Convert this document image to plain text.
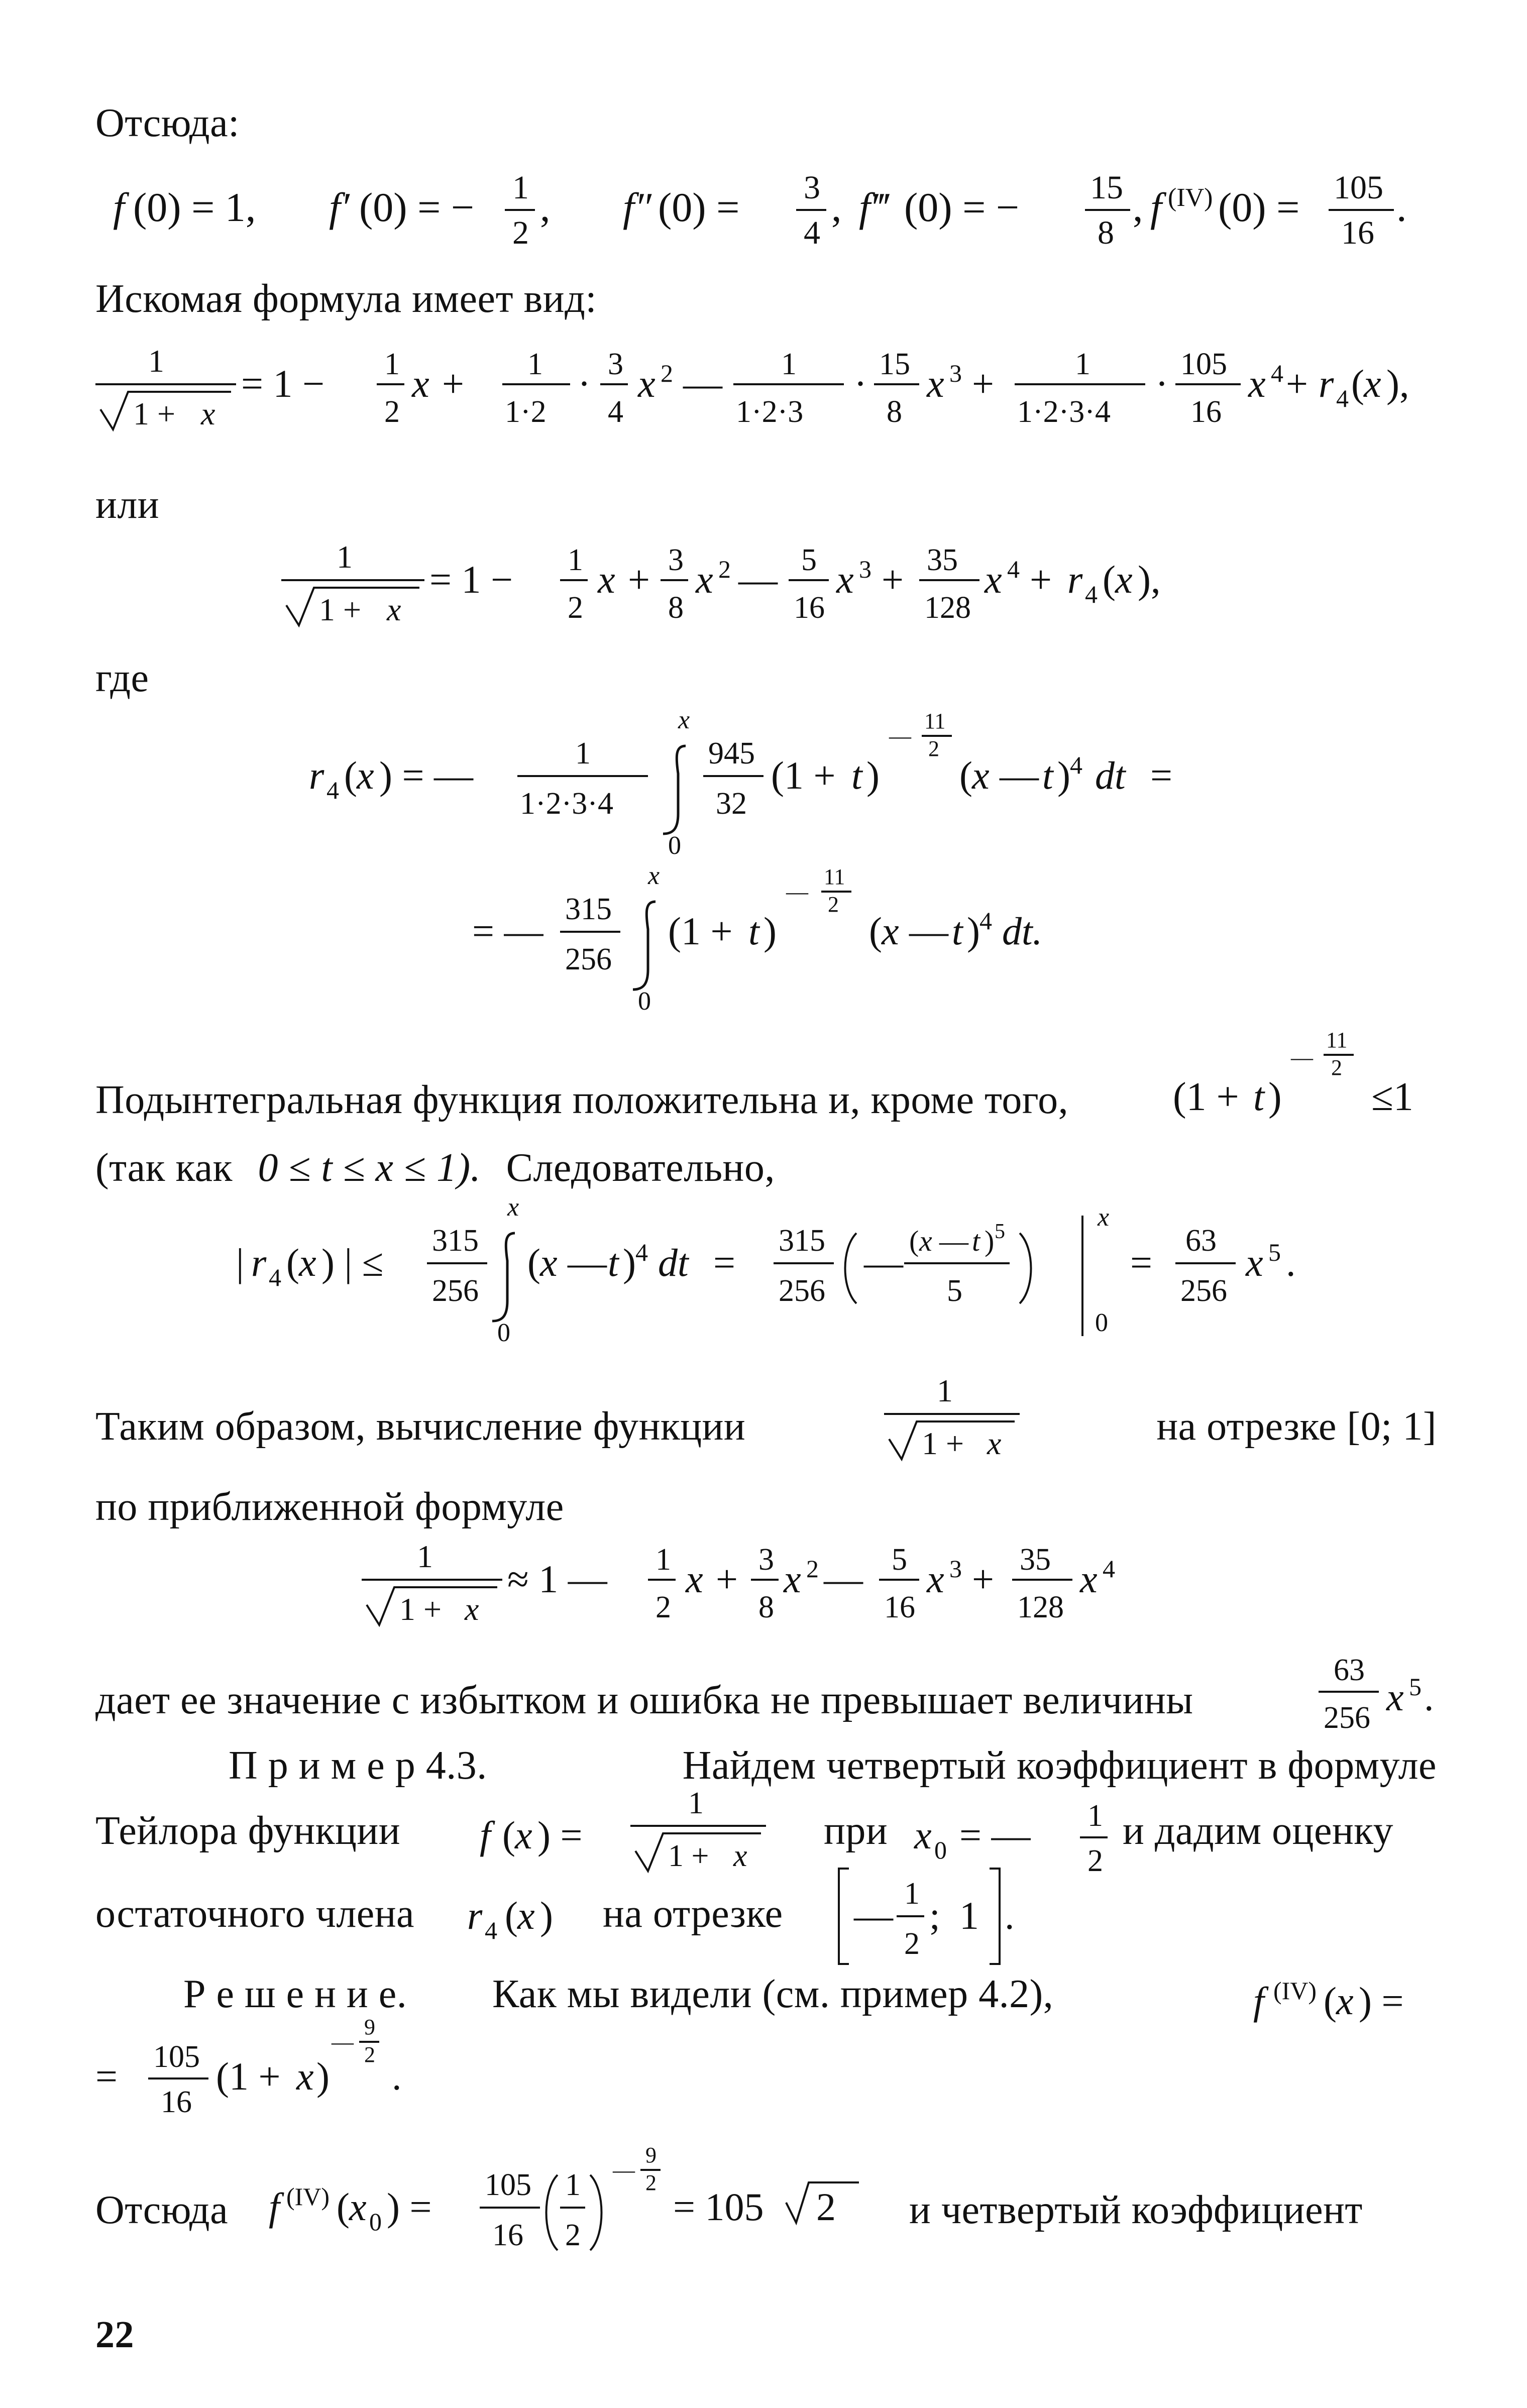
Отсюда:
f (0) = 1, f′ (0) = − 1
2
, f″ (0) = 3
4
, f‴ (0) = − 15
8
, f (IV) (0) = 105
16
.
Искомая формула имеет вид:
1
1 + x
= 1 − 1
2
x + 1
1·2
· 3
4
x 2 — 1
1·2·3
· 15
8
x 3 +	1
1·2·3·4
· 105
16
x 4 + r 4 ( x ),
или
1
1 + x
= 1 − 1
2
x + 3
8
x 2 — 5
16
x 3 + 35
128
x 4 + r 4 ( x ),
где
r 4 ( x ) = —	1
1·2·3·4
x
0
945
32
(1 + t )
—
11
2
( x — t ) 4 dt =
= — 315
256
x
0
(1 + t )
—
11
2
( x — t ) 4 dt.
Подынтегральная функция положительна и, кроме того,	(1 + t )
—
11
2
≤1
(так как 0 ≤ t ≤ x ≤ 1). Следовательно,
| r 4 ( x ) | ≤ 315
256
x
0
( x — t ) 4 dt = 315
256
— ( x — t ) 5
5
x
0
= 63
256
x 5 .
Таким образом, вычисление функции	на отрезке [0; 1]
1
1 + x
по приближенной формуле
1
1 + x
≈ 1 — 1
2
x + 3
8
x 2 — 5
16
x 3 + 35
128
x 4
дает ее значение с избытком и ошибка не превышает величины
63
256 x 5 .
П р и м е р 4.3.	Найдем четвертый коэффициент в формуле
Тейлора функции f ( x ) =
1
1 + x
при x 0 = — 1
2
и дадим оценку
остаточного члена r 4 ( x ) на отрезке — 1
2
; 1 .
Р е ш е н и е. Как мы видели (см. пример 4.2),	f (IV) ( x ) =
= 105
16
(1 + x )
—
9
2 .
Отсюда f (IV) ( x 0 ) = 105
16
1
2
—
9
2
= 105 2 и четвертый коэффициент
22
